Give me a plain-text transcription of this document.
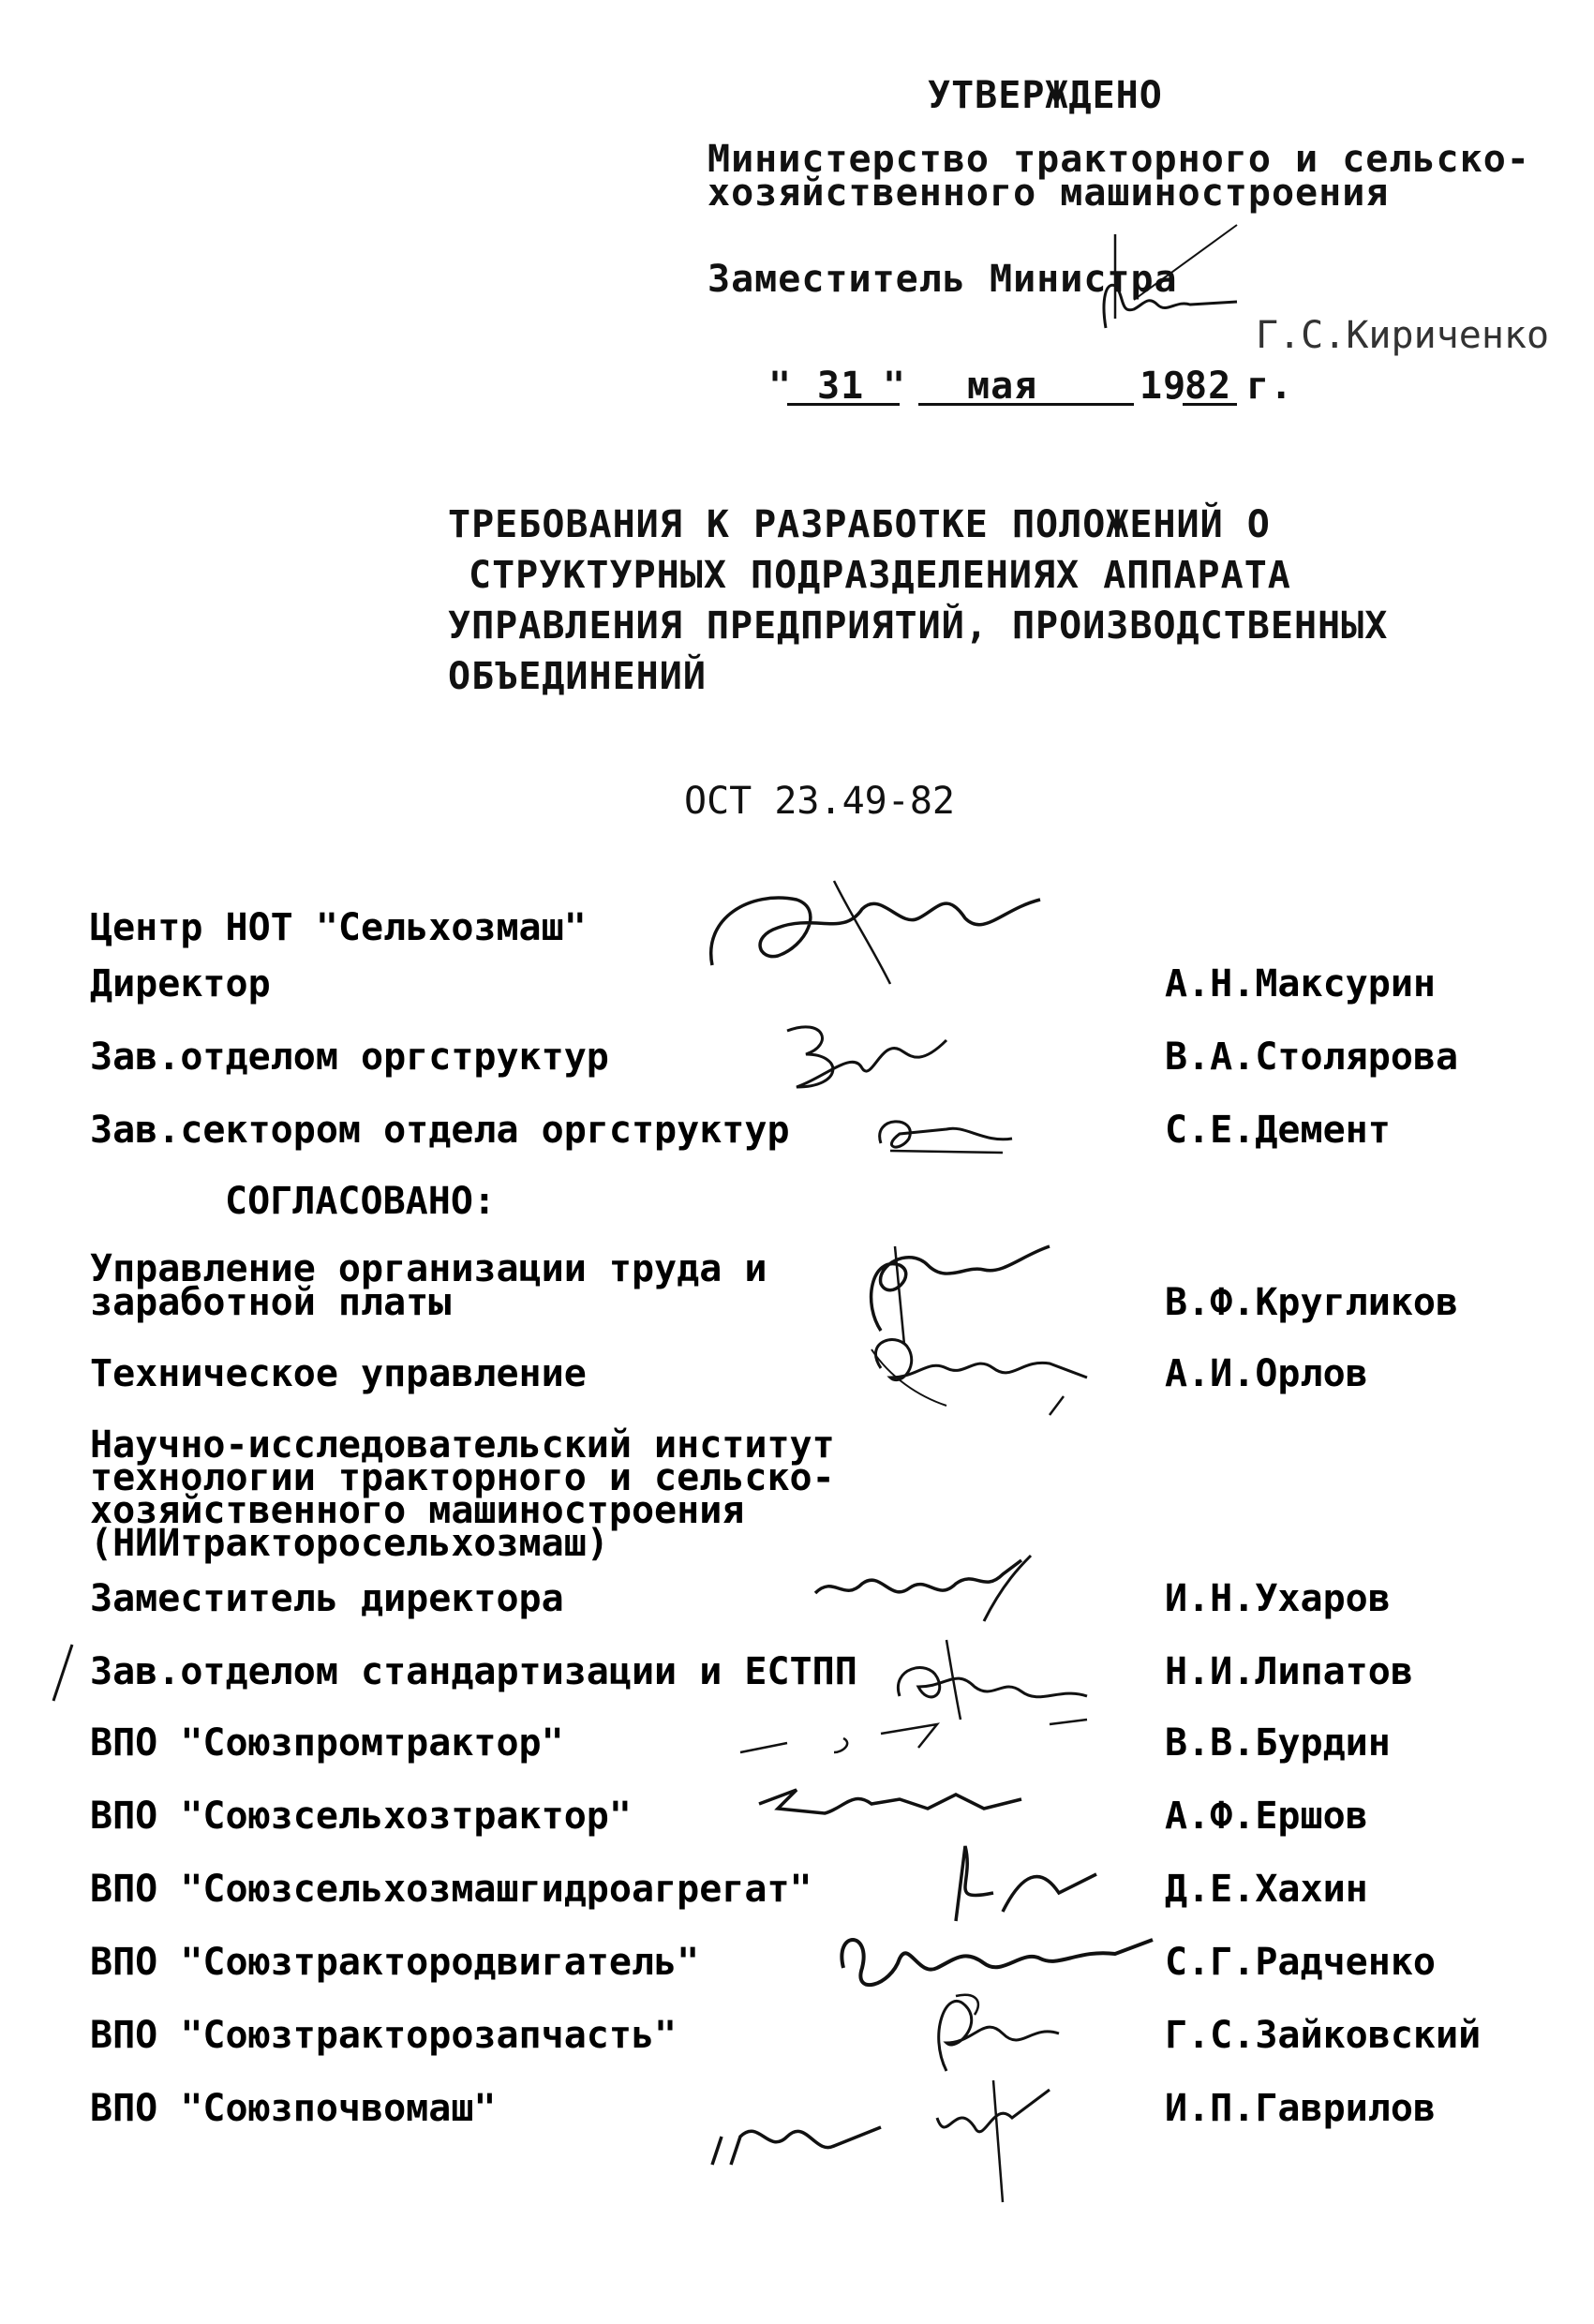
УТВЕРЖДЕНО
Министерство тракторного и сельско-
хозяйственного машиностроения
Заместитель Министра
Г.С.Кириченко
" 31 " мая	19
82 г.
ТРЕБОВАНИЯ К РАЗРАБОТКЕ ПОЛОЖЕНИЙ О
СТРУКТУРНЫХ ПОДРАЗДЕЛЕНИЯХ АППАРАТА
УПРАВЛЕНИЯ ПРЕДПРИЯТИЙ, ПРОИЗВОДСТВЕННЫХ
ОБЪЕДИНЕНИЙ
ОСТ 23.49-82
Центр НОТ "Сельхозмаш"
Директор	А.Н.Максурин
Зав.отделом оргструктур	В.А.Столярова
Зав.сектором отдела оргструктур	С.Е.Демент
СОГЛАСОВАНО:
Управление организации труда и
заработной платы	В.Ф.Кругликов
Техническое управление	А.И.Орлов
Научно-исследовательский институт
технологии тракторного и сельско-
хозяйственного машиностроения
(НИИтракторосельхозмаш)
Заместитель директора	И.Н.Ухаров
Зав.отделом стандартизации и ЕСТПП	Н.И.Липатов
ВПО "Союзпромтрактор"	В.В.Бурдин
ВПО "Союзсельхозтрактор"	А.Ф.Ершов
ВПО "Союзсельхозмашгидроагрегат"	Д.Е.Хахин
ВПО "Союзтрактородвигатель"	С.Г.Радченко
ВПО "Союзтракторозапчасть"	Г.С.Зайковский
ВПО "Союзпочвомаш"	И.П.Гаврилов
